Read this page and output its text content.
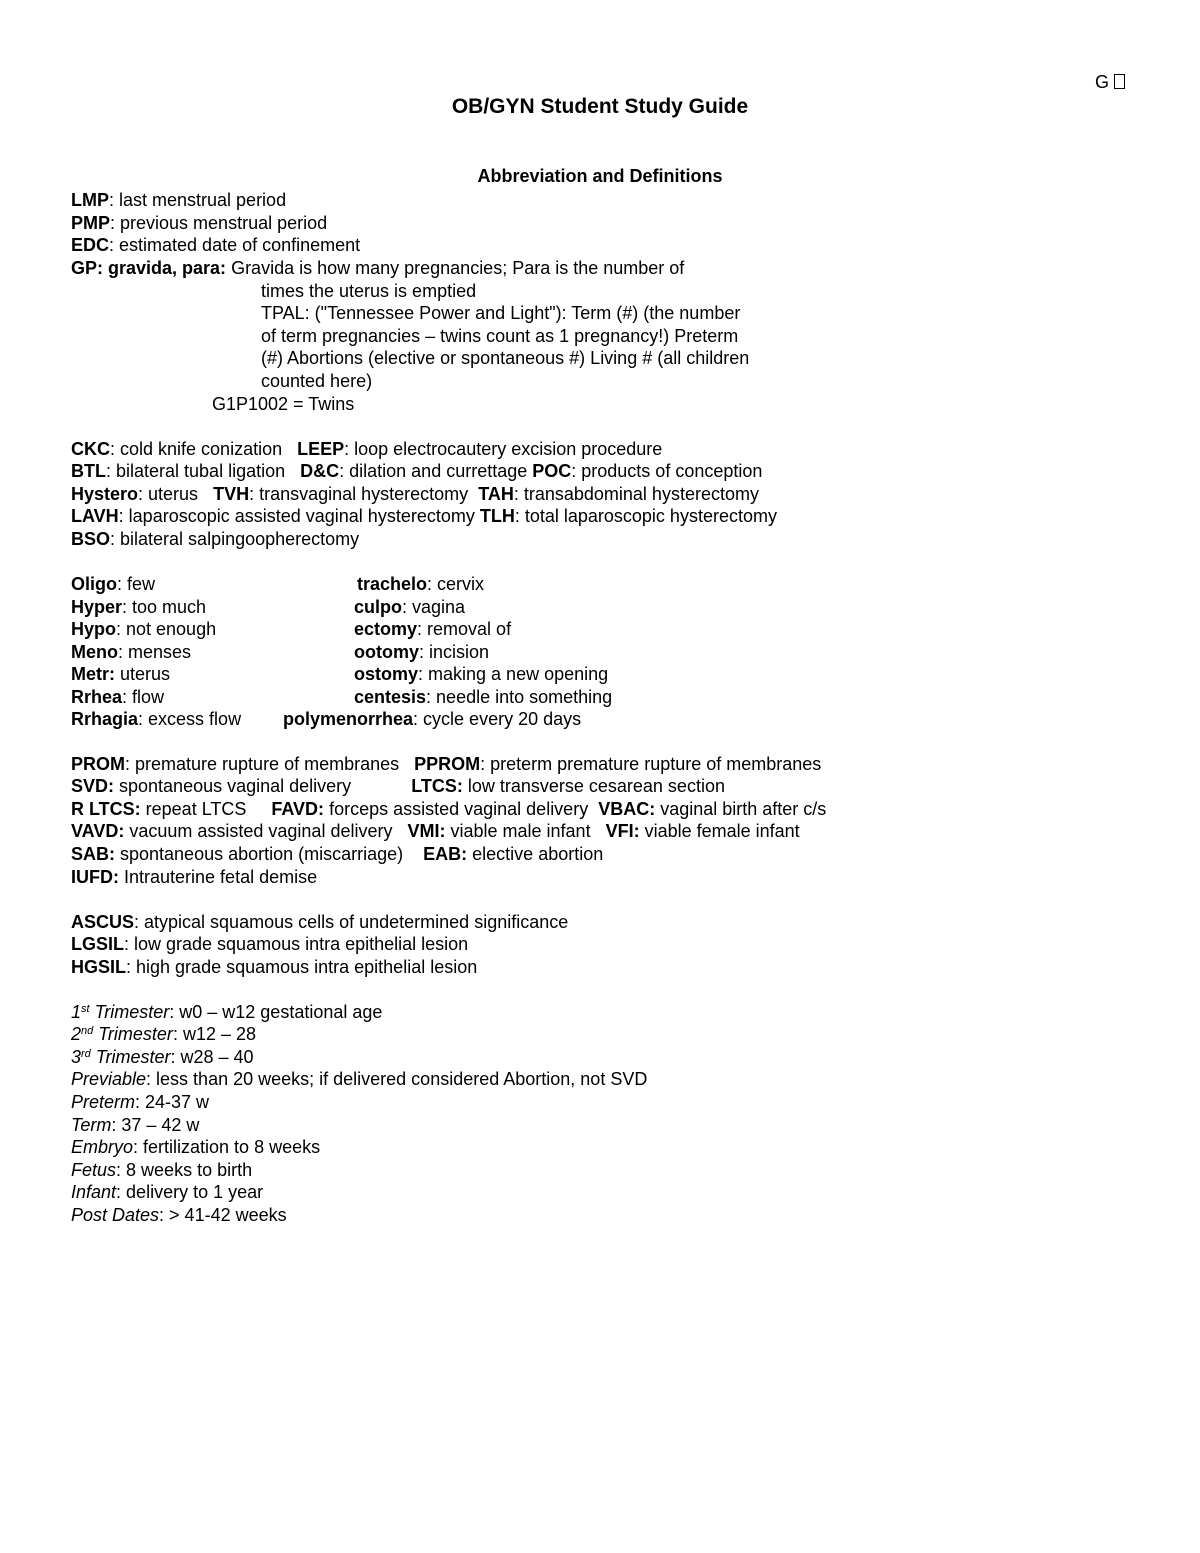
G
OB/GYN Student Study Guide
Abbreviation and Definitions
LMP: last menstrual period
PMP: previous menstrual period
EDC: estimated date of confinement
GP: gravida, para: Gravida is how many pregnancies; Para is the number of
times the uterus is emptied
TPAL: ("Tennessee Power and Light"): Term (#) (the number
of term pregnancies – twins count as 1 pregnancy!) Preterm
(#) Abortions (elective or spontaneous #) Living # (all children
counted here)
G1P1002 = Twins
CKC: cold knife conization   LEEP: loop electrocautery excision procedure
BTL: bilateral tubal ligation   D&C: dilation and currettage POC: products of conception
Hystero: uterus   TVH: transvaginal hysterectomy  TAH: transabdominal hysterectomy
LAVH: laparoscopic assisted vaginal hysterectomy TLH: total laparoscopic hysterectomy
BSO: bilateral salpingoopherectomy
Oligo: few
Hyper: too much
Hypo: not enough
Meno: menses
Metr: uterus
Rrhea: flow
Rrhagia: excess flow
trachelo: cervix
culpo: vagina
ectomy: removal of
ootomy: incision
ostomy: making a new opening
centesis: needle into something
polymenorrhea: cycle every 20 days
PROM: premature rupture of membranes   PPROM: preterm premature rupture of membranes
SVD: spontaneous vaginal delivery            LTCS: low transverse cesarean section
R LTCS: repeat LTCS     FAVD: forceps assisted vaginal delivery  VBAC: vaginal birth after c/s
VAVD: vacuum assisted vaginal delivery   VMI: viable male infant   VFI: viable female infant
SAB: spontaneous abortion (miscarriage)    EAB: elective abortion
IUFD: Intrauterine fetal demise
ASCUS: atypical squamous cells of undetermined significance
LGSIL: low grade squamous intra epithelial lesion
HGSIL: high grade squamous intra epithelial lesion
1st Trimester: w0 – w12 gestational age
2nd Trimester: w12 – 28
3rd Trimester: w28 – 40
Previable: less than 20 weeks; if delivered considered Abortion, not SVD
Preterm: 24-37 w
Term: 37 – 42 w
Embryo: fertilization to 8 weeks
Fetus: 8 weeks to birth
Infant: delivery to 1 year
Post Dates: > 41-42 weeks
